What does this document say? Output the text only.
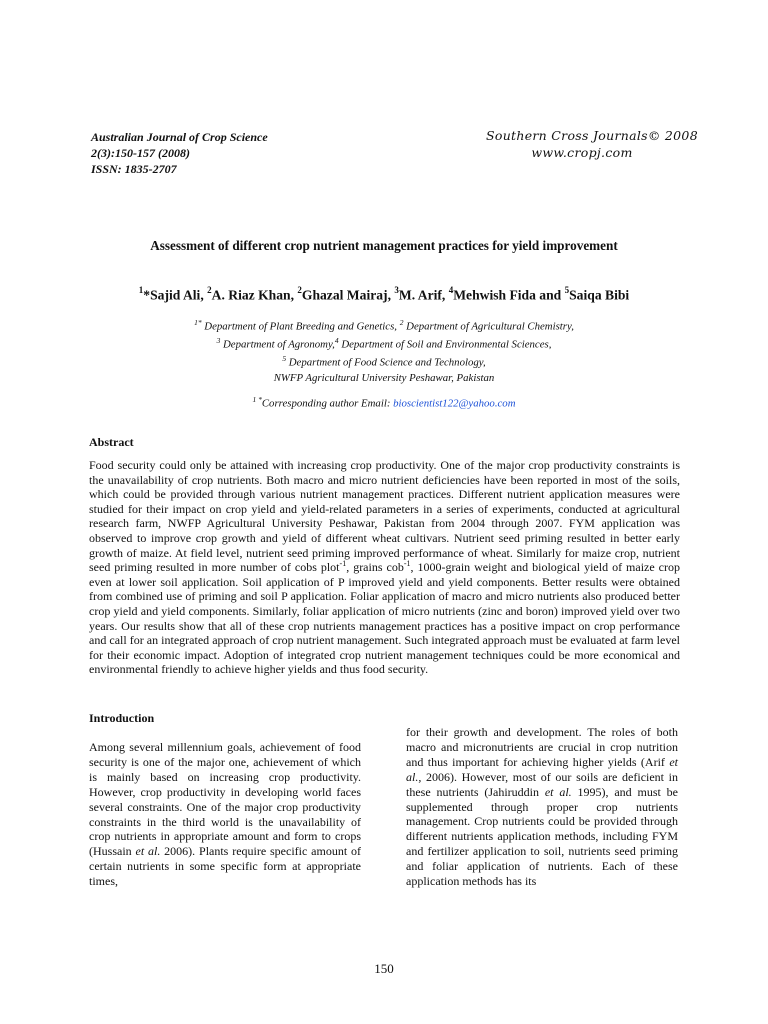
Australian Journal of Crop Science
2(3):150-157 (2008)
ISSN: 1835-2707
Southern Cross Journals© 2008
www.cropj.com
Assessment of different crop nutrient management practices for yield improvement
$^1$*Sajid Ali, $^2$A. Riaz Khan, $^2$Ghazal Mairaj, $^3$M. Arif, $^4$Mehwish Fida and $^5$Saiqa Bibi
$^{1*}$ Department of Plant Breeding and Genetics, $^2$ Department of Agricultural Chemistry,
$^3$ Department of Agronomy,$^4$ Department of Soil and Environmental Sciences,
$^5$ Department of Food Science and Technology,
NWFP Agricultural University Peshawar, Pakistan
$^{1 *}$Corresponding author Email: bioscientist122@yahoo.com
Abstract
Food security could only be attained with increasing crop productivity. One of the major crop productivity constraints is the unavailability of crop nutrients. Both macro and micro nutrient deficiencies have been reported in most of the soils, which could be provided through various nutrient management practices. Different nutrient application measures were studied for their impact on crop yield and yield-related parameters in a series of experiments, conducted at agricultural research farm, NWFP Agricultural University Peshawar, Pakistan from 2004 through 2007. FYM application was observed to improve crop growth and yield of different wheat cultivars. Nutrient seed priming resulted in better early growth of maize. At field level, nutrient seed priming improved performance of wheat. Similarly for maize crop, nutrient seed priming resulted in more number of cobs plot$^{-1}$, grains cob$^{-1}$, 1000-grain weight and biological yield of maize crop even at lower soil application. Soil application of P improved yield and yield components. Better results were obtained from combined use of priming and soil P application. Foliar application of macro and micro nutrients also produced better crop yield and yield components. Similarly, foliar application of micro nutrients (zinc and boron) improved yield over two years. Our results show that all of these crop nutrients management practices has a positive impact on crop performance and call for an integrated approach of crop nutrient management. Such integrated approach must be evaluated at farm level for their economic impact. Adoption of integrated crop nutrient management techniques could be more economical and environmental friendly to achieve higher yields and thus food security.
Introduction
Among several millennium goals, achievement of food security is one of the major one, achievement of which is mainly based on increasing crop productivity. However, crop productivity in developing world faces several constraints. One of the major crop productivity constraints in the third world is the unavailability of crop nutrients in appropriate amount and form to crops (Hussain et al. 2006). Plants require specific amount of certain nutrients in some specific form at appropriate times,
for their growth and development. The roles of both macro and micronutrients are crucial in crop nutrition and thus important for achieving higher yields (Arif et al., 2006). However, most of our soils are deficient in these nutrients (Jahiruddin et al. 1995), and must be supplemented through proper crop nutrients management. Crop nutrients could be provided through different nutrients application methods, including FYM and fertilizer application to soil, nutrients seed priming and foliar application of nutrients. Each of these application methods has its
150
